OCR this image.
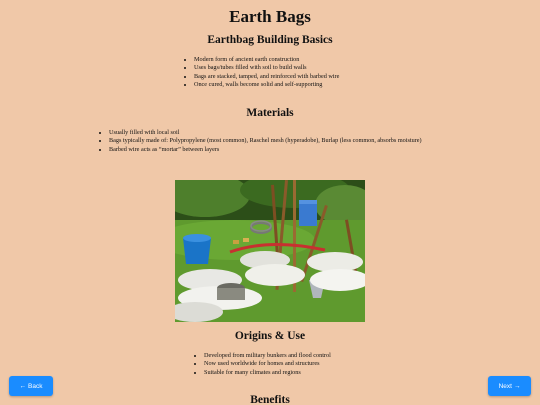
Earth Bags
Earthbag Building Basics
• Modern form of ancient earth construction
• Uses bags/tubes filled with soil to build walls
• Bags are stacked, tamped, and reinforced with barbed wire
• Once cured, walls become solid and self-supporting
Materials
• Usually filled with local soil
• Bags typically made of: Polypropylene (most common), Raschel mesh (hyperadobe), Burlap (less common, absorbs moisture)
• Barbed wire acts as “mortar” between layers
Origins & Use
• Developed from military bunkers and flood control
• Now used worldwide for homes and structures
• Suitable for many climates and regions
Benefits
← Back	Next →
